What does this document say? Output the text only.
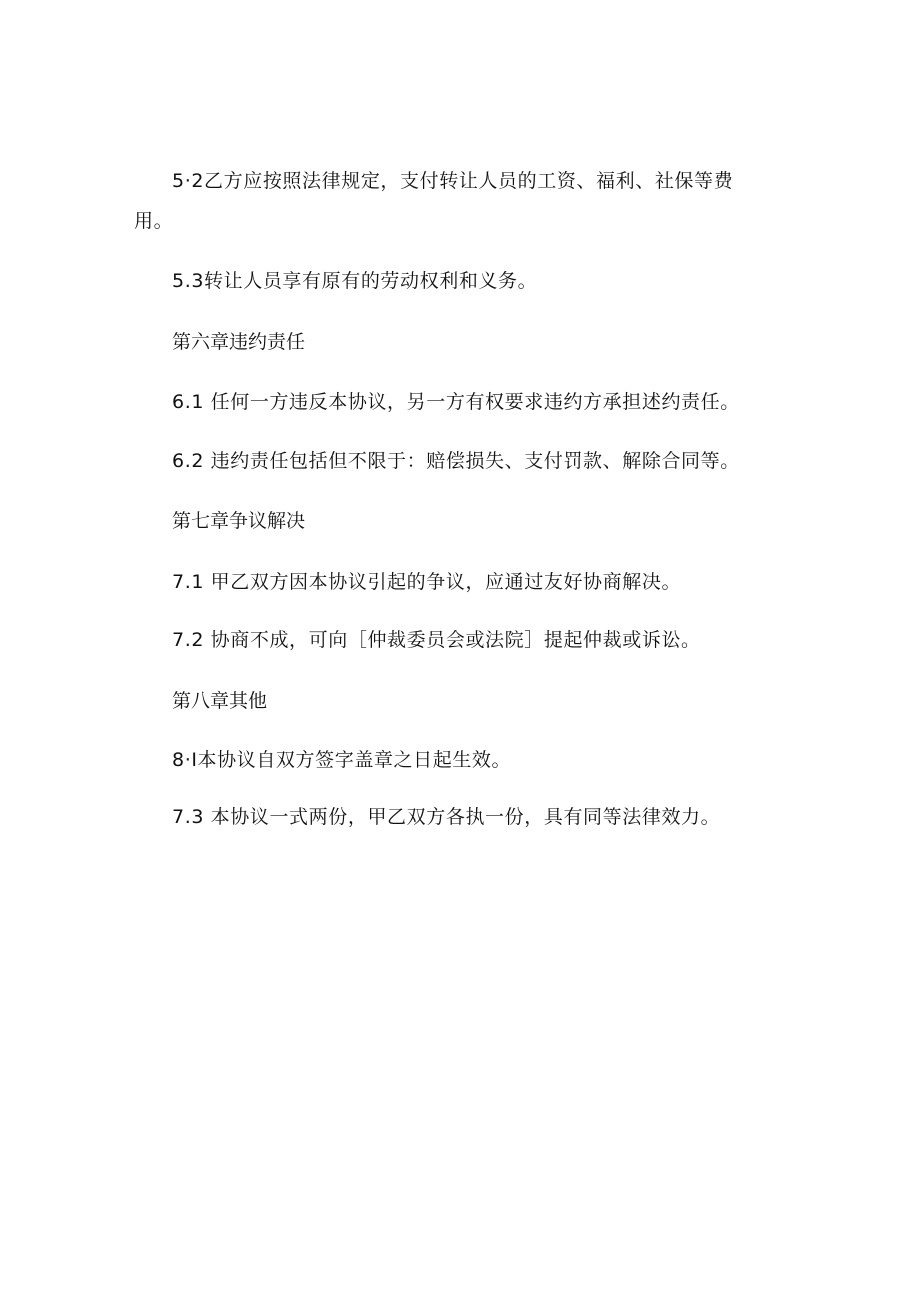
5·2乙方应按照法律规定，支付转让人员的工资、福利、社保等费
用。
5.3转让人员享有原有的劳动权利和义务。
第六章违约责任
6.1 任何一方违反本协议，另一方有权要求违约方承担述约责任。
6.2 违约责任包括但不限于：赔偿损失、支付罚款、解除合同等。
第七章争议解决
7.1 甲乙双方因本协议引起的争议，应通过友好协商解决。
7.2 协商不成，可向［仲裁委员会或法院］提起仲裁或诉讼。
第八章其他
8·I本协议自双方签字盖章之日起生效。
7.3 本协议一式两份，甲乙双方各执一份，具有同等法律效力。
